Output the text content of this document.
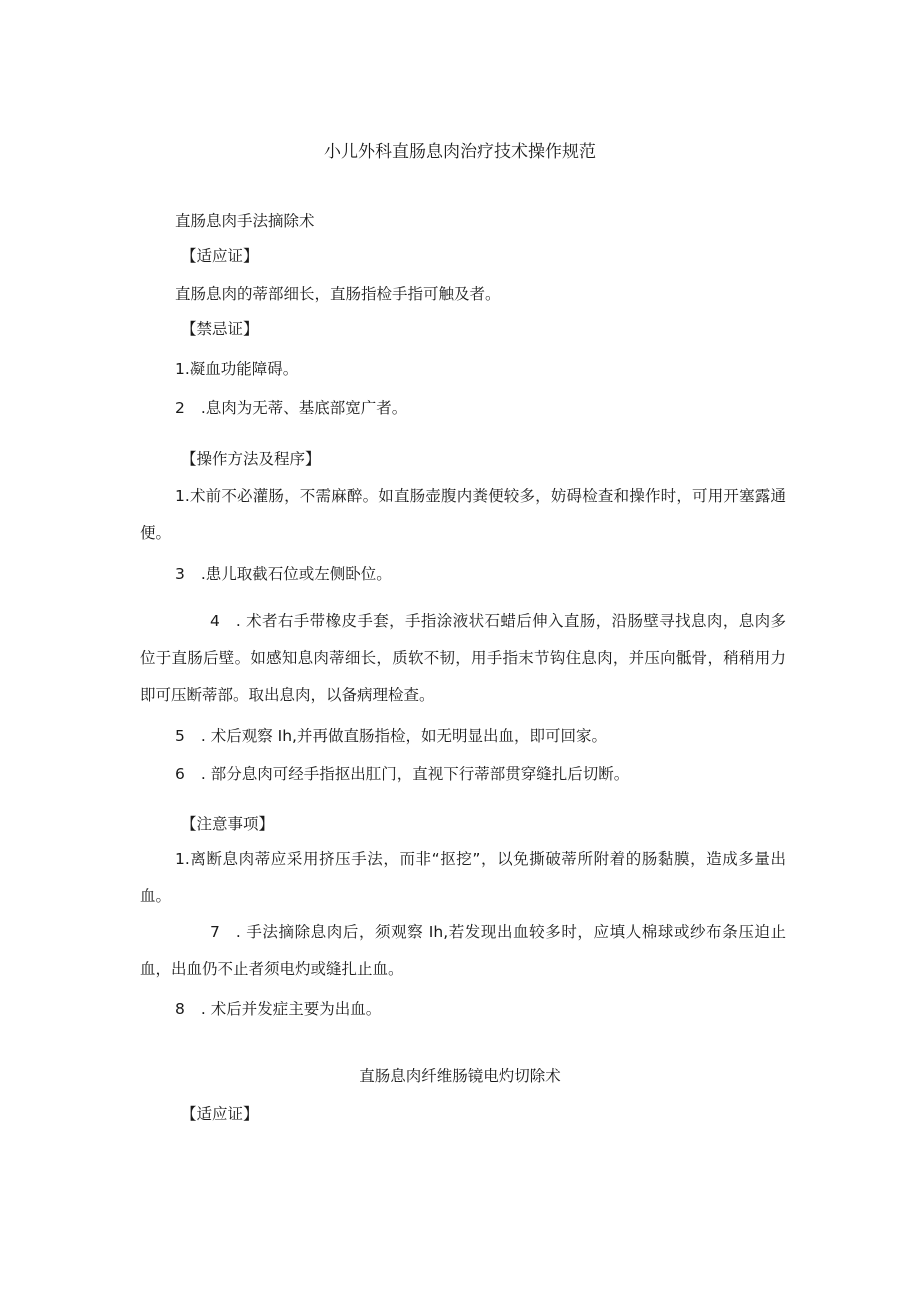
小儿外科直肠息肉治疗技术操作规范
直肠息肉手法摘除术
【适应证】
直肠息肉的蒂部细长，直肠指检手指可触及者。
【禁忌证】
1.凝血功能障碍。
2 .息肉为无蒂、基底部宽广者。
【操作方法及程序】
1.术前不必灌肠，不需麻醉。如直肠壶腹内粪便较多，妨碍检查和操作时，可用开塞露通便。
3 .患儿取截石位或左侧卧位。
4 . 术者右手带橡皮手套，手指涂液状石蜡后伸入直肠，沿肠壁寻找息肉，息肉多位于直肠后壁。如感知息肉蒂细长，质软不韧，用手指末节钩住息肉，并压向骶骨，稍稍用力即可压断蒂部。取出息肉，以备病理检查。
5 . 术后观察 Ih,并再做直肠指检，如无明显出血，即可回家。
6 . 部分息肉可经手指抠出肛门，直视下行蒂部贯穿缝扎后切断。
【注意事项】
1.离断息肉蒂应采用挤压手法，而非“抠挖”，以免撕破蒂所附着的肠黏膜，造成多量出血。
7 . 手法摘除息肉后，须观察 Ih,若发现出血较多时，应填人棉球或纱布条压迫止血，出血仍不止者须电灼或缝扎止血。
8 . 术后并发症主要为出血。
直肠息肉纤维肠镜电灼切除术
【适应证】
